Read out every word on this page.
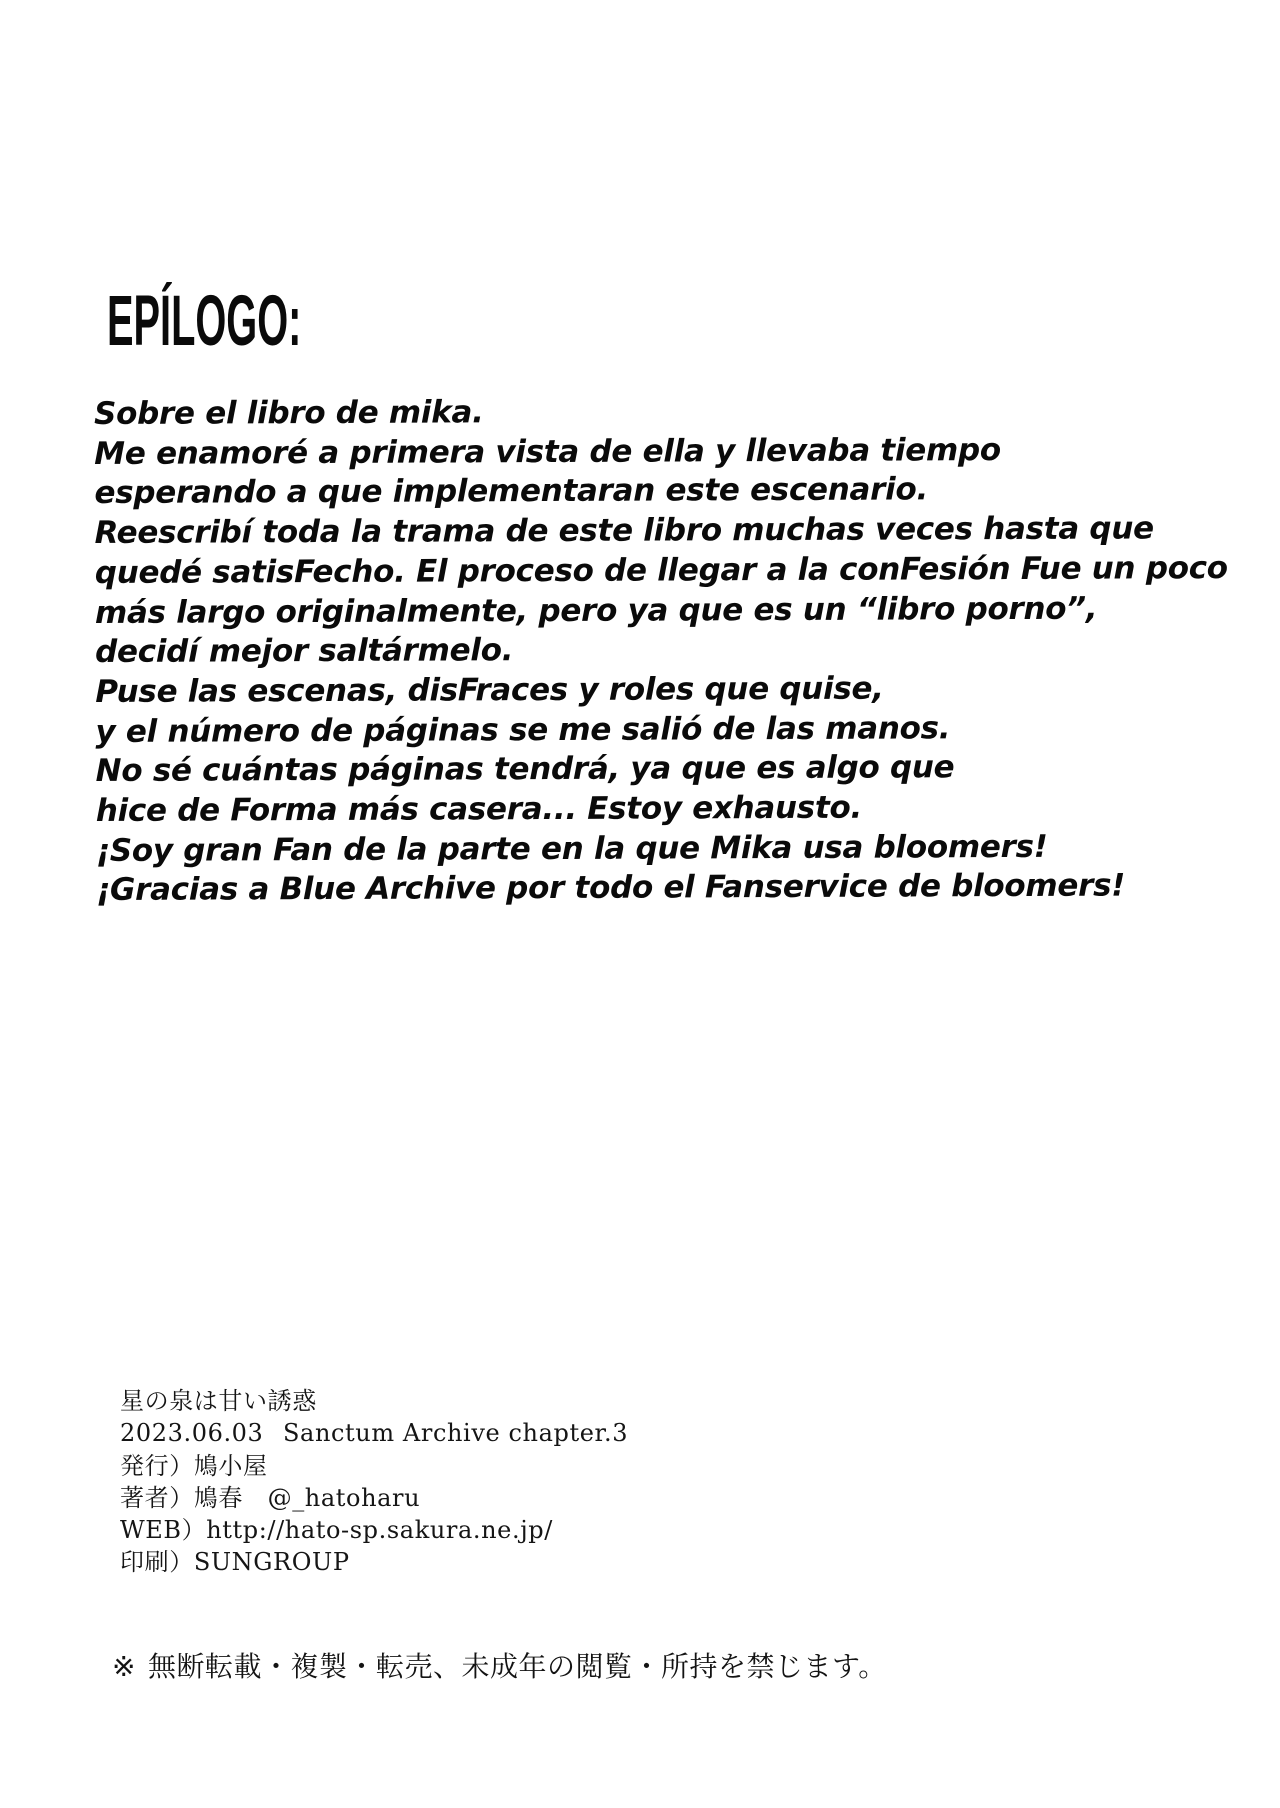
EPÍLOGO:
Sobre el libro de mika.
Me enamoré a primera vista de ella y llevaba tiempo
esperando a que implementaran este escenario.
Reescribí toda la trama de este libro muchas veces hasta que
quedé satisFecho. El proceso de llegar a la conFesión Fue un poco
más largo originalmente, pero ya que es un “libro porno”,
decidí mejor saltármelo.
Puse las escenas, disFraces y roles que quise,
y el número de páginas se me salió de las manos.
No sé cuántas páginas tendrá, ya que es algo que
hice de Forma más casera... Estoy exhausto.
¡Soy gran Fan de la parte en la que Mika usa bloomers!
¡Gracias a Blue Archive por todo el Fanservice de bloomers!
星の泉は甘い誘惑
2023.06.03 Sanctum Archive chapter.3
発行）鳩小屋
著者）鳩春　@_hatoharu
WEB）http://hato-sp.sakura.ne.jp/
印刷）SUNGROUP
※ 無断転載・複製・転売、未成年の閲覧・所持を禁じます。
